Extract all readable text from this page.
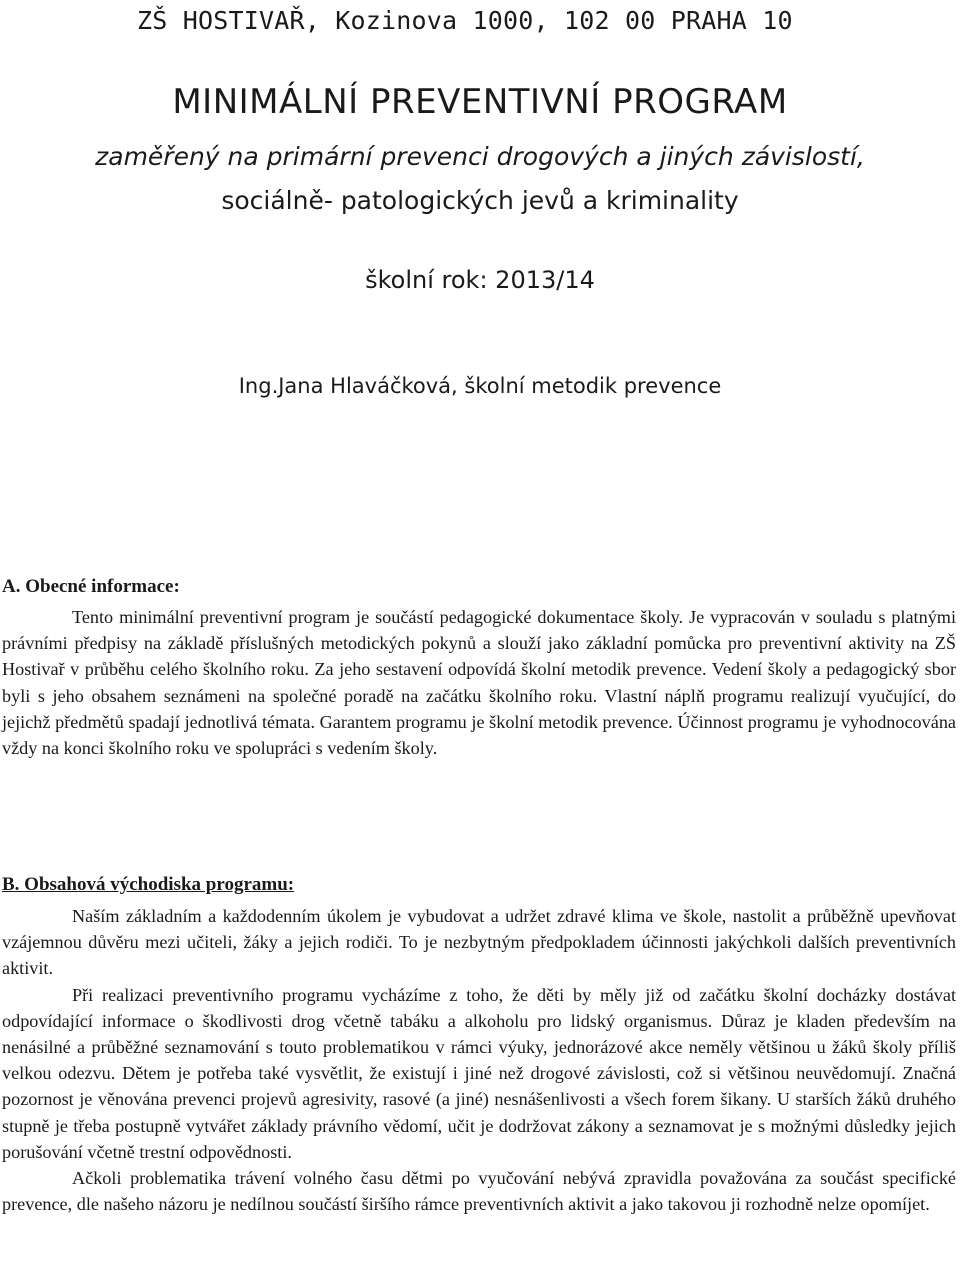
ZŠ HOSTIVAŘ, Kozinova 1000, 102 00 PRAHA 10
MINIMÁLNÍ PREVENTIVNÍ PROGRAM
zaměřený na primární prevenci drogových a jiných závislostí,
sociálně- patologických jevů a kriminality
školní rok: 2013/14
Ing.Jana Hlaváčková, školní metodik prevence
A. Obecné informace:

Tento minimální preventivní program je součástí pedagogické dokumentace školy. Je vypracován v souladu s platnými právními předpisy na základě příslušných metodických pokynů a slouží jako základní pomůcka pro preventivní aktivity na ZŠ Hostivař v průběhu celého školního roku. Za jeho sestavení odpovídá školní metodik prevence. Vedení školy a pedagogický sbor byli s jeho obsahem seznámeni na společné poradě na začátku školního roku. Vlastní náplň programu realizují vyučující, do jejichž předmětů spadají jednotlivá témata. Garantem programu je školní metodik prevence. Účinnost programu je vyhodnocována vždy na konci školního roku ve spolupráci s vedením školy.

B. Obsahová východiska programu:

Naším základním a každodenním úkolem je vybudovat a udržet zdravé klima ve škole, nastolit a průběžně upevňovat vzájemnou důvěru mezi učiteli, žáky a jejich rodiči. To je nezbytným předpokladem účinnosti jakýchkoli dalších preventivních aktivit.

Při realizaci preventivního programu vycházíme z toho, že děti by měly již od začátku školní docházky dostávat odpovídající informace o škodlivosti drog včetně tabáku a alkoholu pro lidský organismus. Důraz je kladen především na nenásilné a průběžné seznamování s touto problematikou v rámci výuky, jednorázové akce neměly většinou u žáků školy příliš velkou odezvu. Dětem je potřeba také vysvětlit, že existují i jiné než drogové závislosti, což si většinou neuvědomují. Značná pozornost je věnována prevenci projevů agresivity, rasové (a jiné) nesnášenlivosti a všech forem šikany. U starších žáků druhého stupně je třeba postupně vytvářet základy právního vědomí, učit je dodržovat zákony a seznamovat je s možnými důsledky jejich porušování včetně trestní odpovědnosti.

Ačkoli problematika trávení volného času dětmi po vyučování nebývá zpravidla považována za součást specifické prevence, dle našeho názoru je nedílnou součástí širšího rámce preventivních aktivit a jako takovou ji rozhodně nelze opomíjet.
